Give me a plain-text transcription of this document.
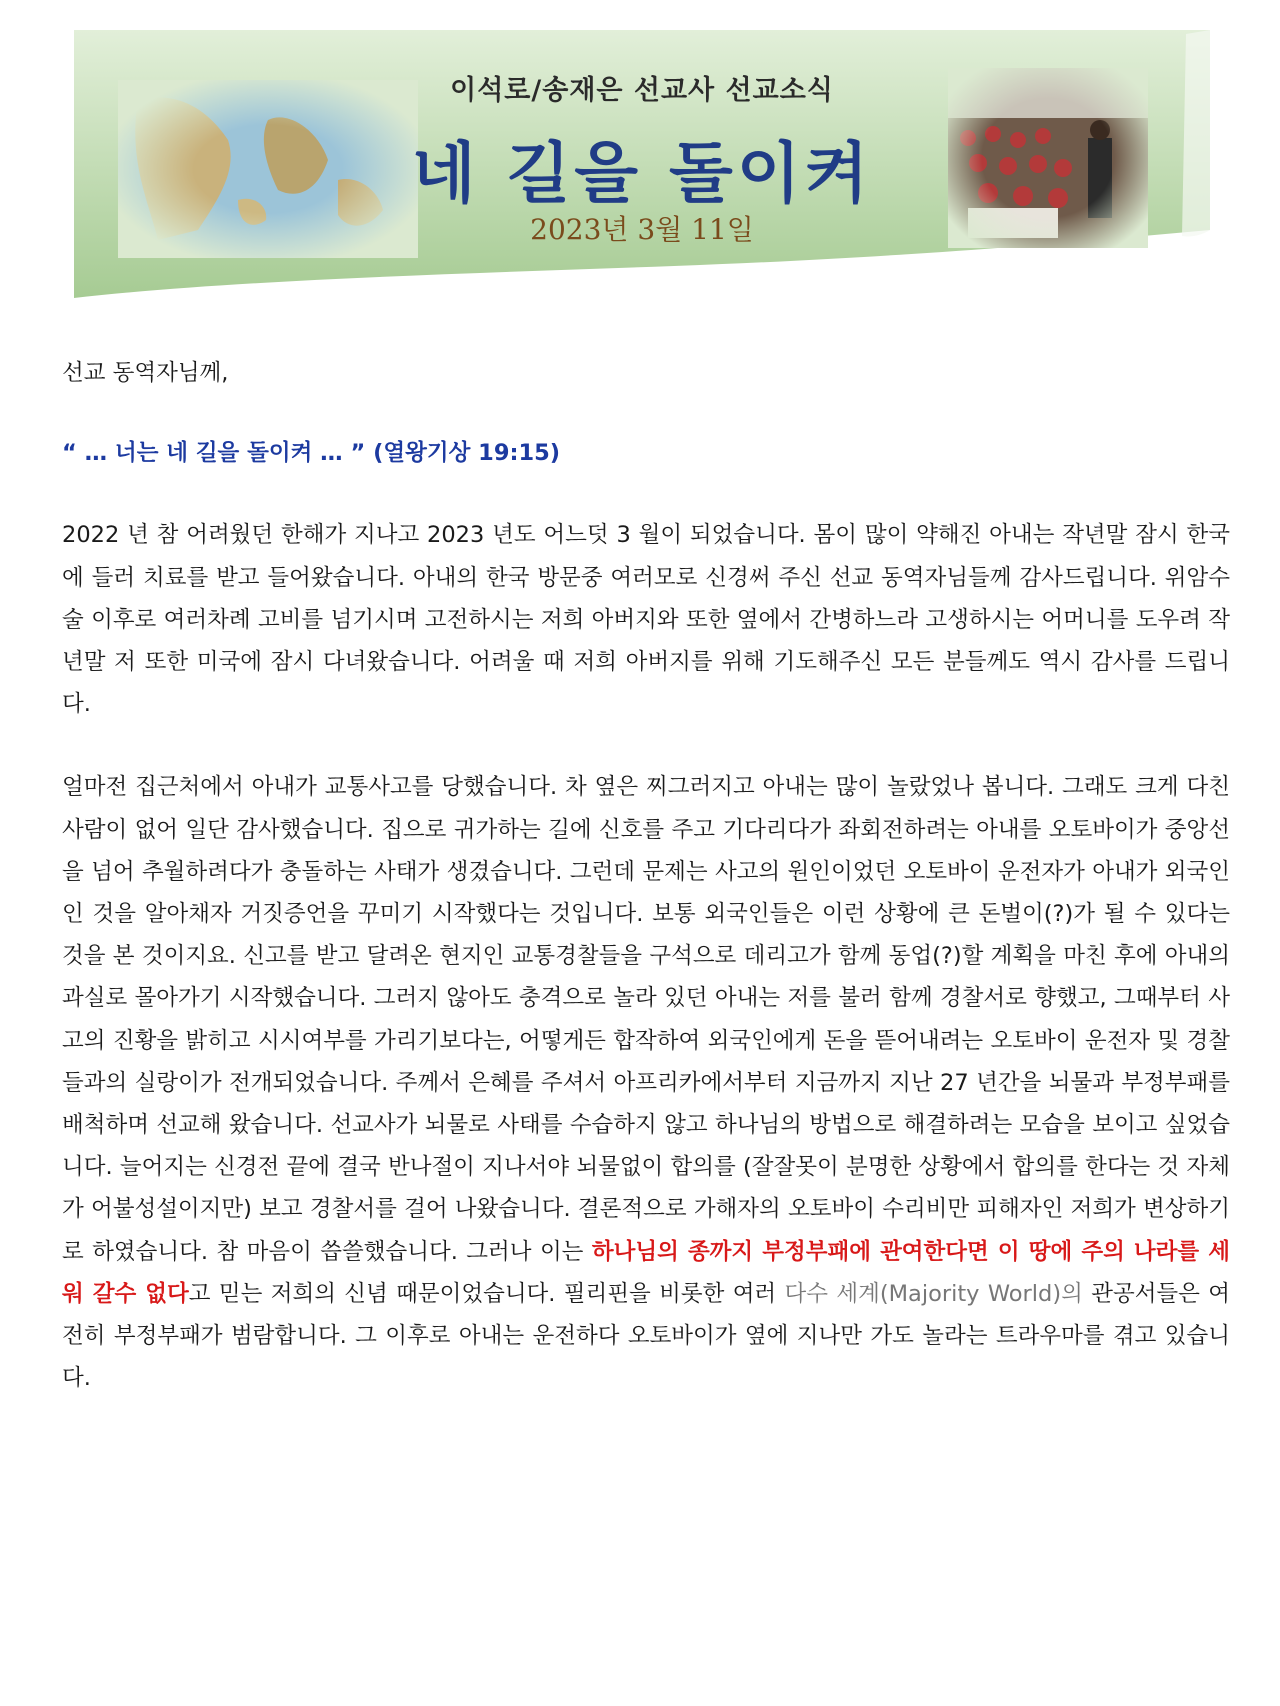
이석로/송재은 선교사 선교소식
네 길을 돌이켜
2023년 3월 11일

선교 동역자님께,

“ … 너는 네 길을 돌이켜 … ” (열왕기상 19:15)

2022 년 참 어려웠던 한해가 지나고 2023 년도 어느덧 3 월이 되었습니다. 몸이 많이 약해진 아내는 작년말 잠시 한국에 들러 치료를 받고 들어왔습니다. 아내의 한국 방문중 여러모로 신경써 주신 선교 동역자님들께 감사드립니다. 위암수술 이후로 여러차례 고비를 넘기시며 고전하시는 저희 아버지와 또한 옆에서 간병하느라 고생하시는 어머니를 도우려 작년말 저 또한 미국에 잠시 다녀왔습니다. 어려울 때 저희 아버지를 위해 기도해주신 모든 분들께도 역시 감사를 드립니다.

얼마전 집근처에서 아내가 교통사고를 당했습니다. 차 옆은 찌그러지고 아내는 많이 놀랐었나 봅니다. 그래도 크게 다친 사람이 없어 일단 감사했습니다. 집으로 귀가하는 길에 신호를 주고 기다리다가 좌회전하려는 아내를 오토바이가 중앙선을 넘어 추월하려다가 충돌하는 사태가 생겼습니다. 그런데 문제는 사고의 원인이었던 오토바이 운전자가 아내가 외국인인 것을 알아채자 거짓증언을 꾸미기 시작했다는 것입니다. 보통 외국인들은 이런 상황에 큰 돈벌이(?)가 될 수 있다는 것을 본 것이지요. 신고를 받고 달려온 현지인 교통경찰들을 구석으로 데리고가 함께 동업(?)할 계획을 마친 후에 아내의 과실로 몰아가기 시작했습니다. 그러지 않아도 충격으로 놀라 있던 아내는 저를 불러 함께 경찰서로 향했고, 그때부터 사고의 진황을 밝히고 시시여부를 가리기보다는, 어떻게든 합작하여 외국인에게 돈을 뜯어내려는 오토바이 운전자 및 경찰들과의 실랑이가 전개되었습니다. 주께서 은혜를 주셔서 아프리카에서부터 지금까지 지난 27 년간을 뇌물과 부정부패를 배척하며 선교해 왔습니다. 선교사가 뇌물로 사태를 수습하지 않고 하나님의 방법으로 해결하려는 모습을 보이고 싶었습니다. 늘어지는 신경전 끝에 결국 반나절이 지나서야 뇌물없이 합의를 (잘잘못이 분명한 상황에서 합의를 한다는 것 자체가 어불성설이지만) 보고 경찰서를 걸어 나왔습니다. 결론적으로 가해자의 오토바이 수리비만 피해자인 저희가 변상하기로 하였습니다. 참 마음이 씁쓸했습니다. 그러나 이는 하나님의 종까지 부정부패에 관여한다면 이 땅에 주의 나라를 세워 갈수 없다고 믿는 저희의 신념 때문이었습니다. 필리핀을 비롯한 여러 다수 세계(Majority World)의 관공서들은 여전히 부정부패가 범람합니다. 그 이후로 아내는 운전하다 오토바이가 옆에 지나만 가도 놀라는 트라우마를 겪고 있습니다.
